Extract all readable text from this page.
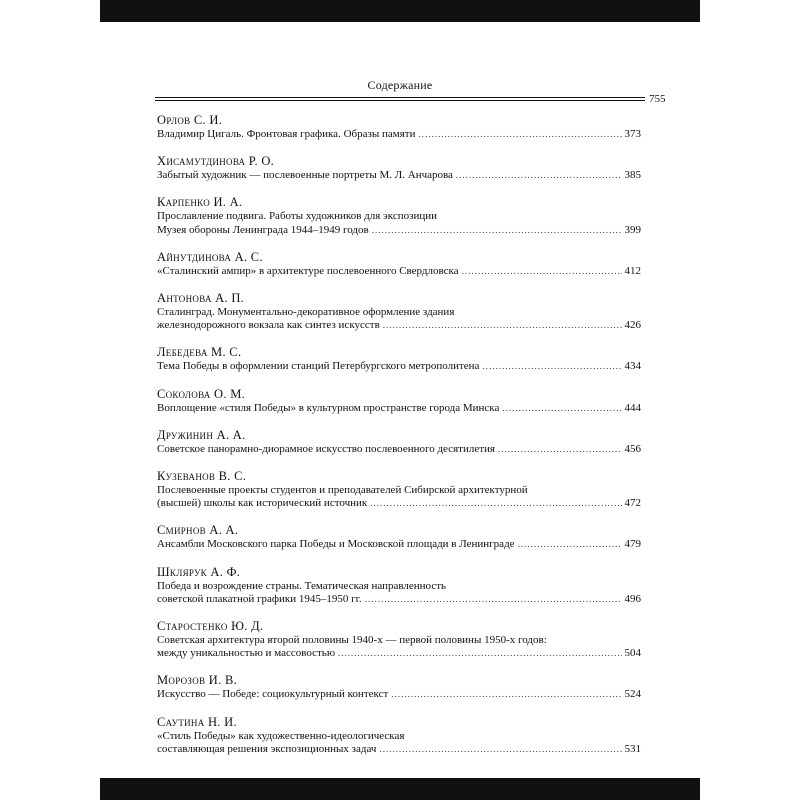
Содержание
755
Орлов С. И.
Владимир Цигаль. Фронтовая графика. Образы памяти .....	373
Хисамутдинова Р. О.
Забытый художник — послевоенные портреты М. Л. Анчарова .....	385
Карпенко И. А.
Прославление подвига. Работы художников для экспозиции
Музея обороны Ленинграда 1944–1949 годов .....	399
Айнутдинова А. С.
«Сталинский ампир» в архитектуре послевоенного Свердловска .....	412
Антонова А. П.
Сталинград. Монументально-декоративное оформление здания
железнодорожного вокзала как синтез искусств .....	426
Лебедева М. С.
Тема Победы в оформлении станций Петербургского метрополитена .....	434
Соколова О. М.
Воплощение «стиля Победы» в культурном пространстве города Минска .....	444
Дружинин А. А.
Советское панорамно-диорамное искусство послевоенного десятилетия .....	456
Кузеванов В. С.
Послевоенные проекты студентов и преподавателей Сибирской архитектурной
(высшей) школы как исторический источник .....	472
Смирнов А. А.
Ансамбли Московского парка Победы и Московской площади в Ленинграде .....	479
Шклярук А. Ф.
Победа и возрождение страны. Тематическая направленность
советской плакатной графики 1945–1950 гг. .....	496
Старостенко Ю. Д.
Советская архитектура второй половины 1940-х — первой половины 1950-х годов:
между уникальностью и массовостью .....	504
Морозов И. В.
Искусство — Победе: социокультурный контекст .....	524
Саутина Н. И.
«Стиль Победы» как художественно-идеологическая
составляющая решения экспозиционных задач .....	531
